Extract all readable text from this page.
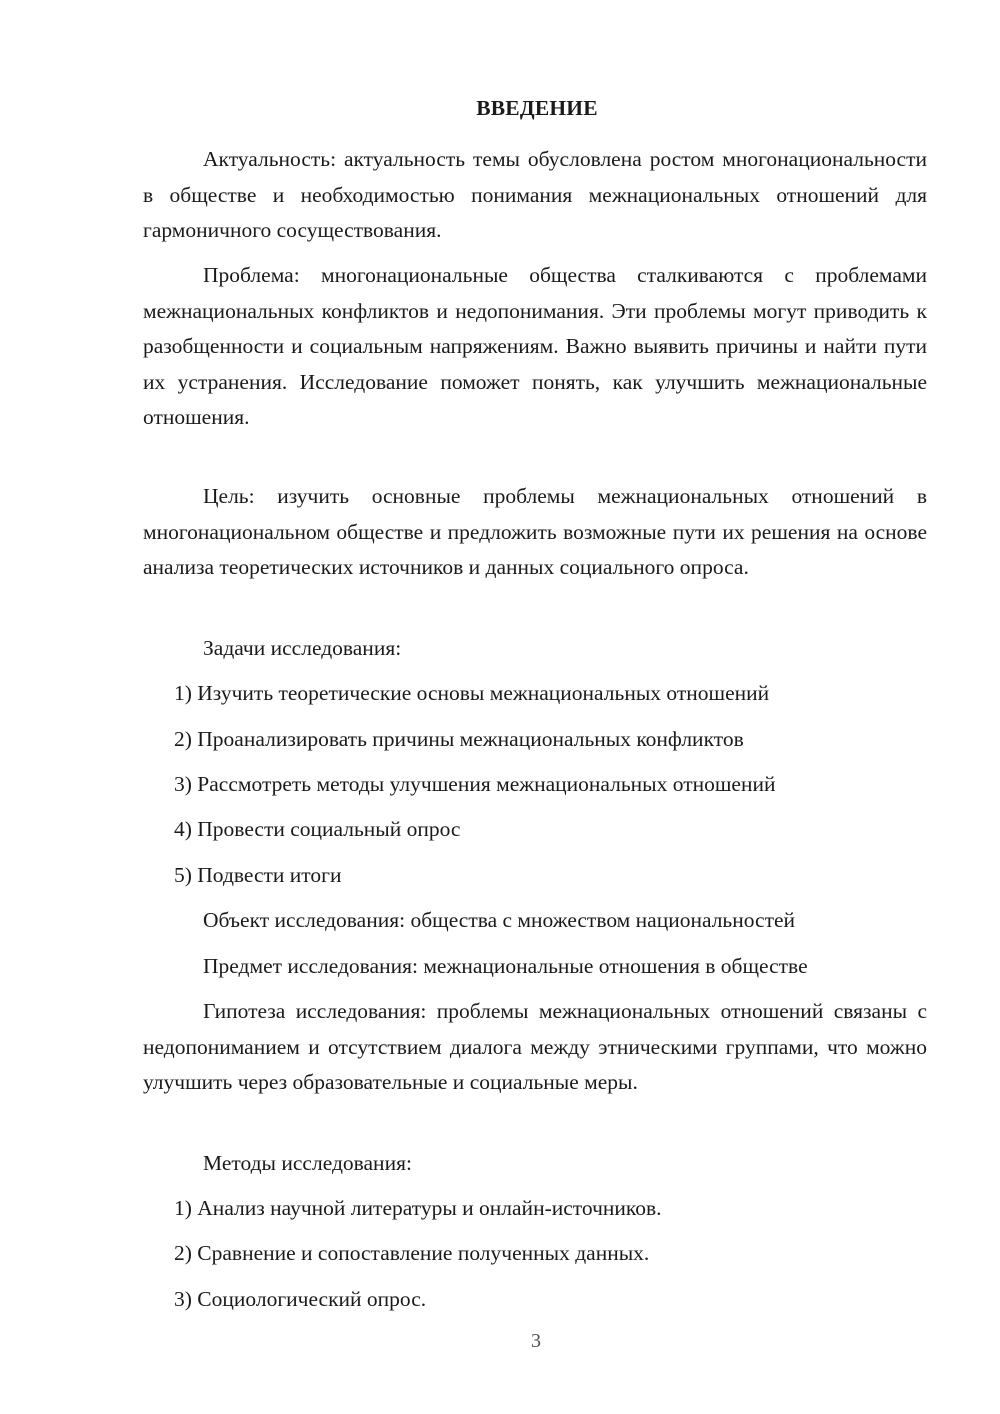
ВВЕДЕНИЕ

Актуальность: актуальность темы обусловлена ростом многонациональности в обществе и необходимостью понимания межнациональных отношений для гармоничного сосуществования.

Проблема: многонациональные общества сталкиваются с проблемами межнациональных конфликтов и недопонимания. Эти проблемы могут приводить к разобщенности и социальным напряжениям. Важно выявить причины и найти пути их устранения. Исследование поможет понять, как улучшить межнациональные отношения.

Цель: изучить основные проблемы межнациональных отношений в многонациональном обществе и предложить возможные пути их решения на основе анализа теоретических источников и данных социального опроса.

Задачи исследования:

1) Изучить теоретические основы межнациональных отношений

2) Проанализировать причины межнациональных конфликтов

3) Рассмотреть методы улучшения межнациональных отношений

4) Провести социальный опрос

5) Подвести итоги

Объект исследования: общества с множеством национальностей

Предмет исследования: межнациональные отношения в обществе

Гипотеза исследования: проблемы межнациональных отношений связаны с недопониманием и отсутствием диалога между этническими группами, что можно улучшить через образовательные и социальные меры.

Методы исследования:

1) Анализ научной литературы и онлайн-источников.

2) Сравнение и сопоставление полученных данных.

3) Социологический опрос.

3
